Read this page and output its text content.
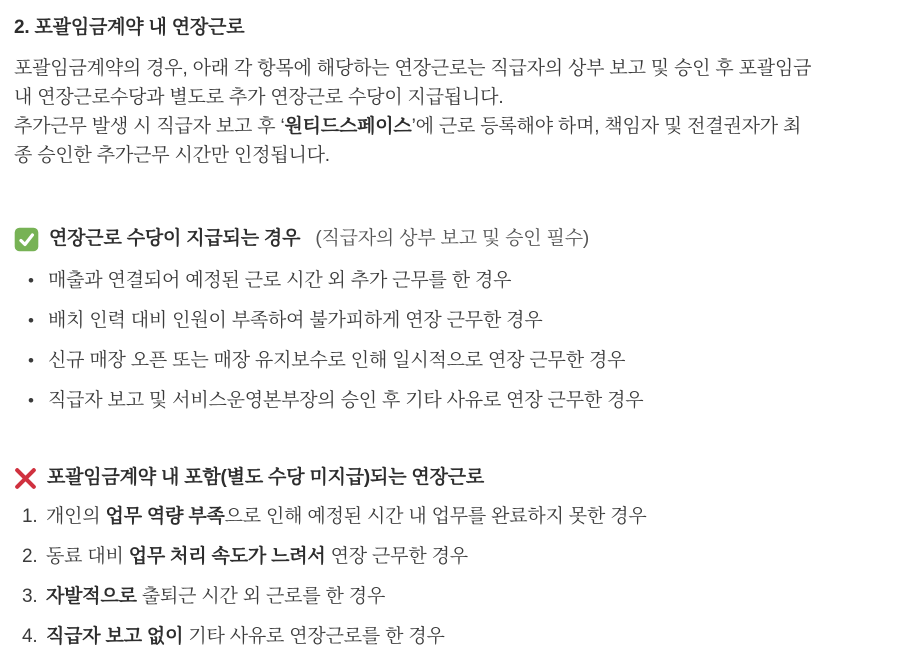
2. 포괄임금계약 내 연장근로

포괄임금계약의 경우, 아래 각 항목에 해당하는 연장근로는 직급자의 상부 보고 및 승인 후 포괄임금
내 연장근로수당과 별도로 추가 연장근로 수당이 지급됩니다.
추가근무 발생 시 직급자 보고 후 ‘원티드스페이스’에 근로 등록해야 하며, 책임자 및 전결권자가 최
종 승인한 추가근무 시간만 인정됩니다.

연장근로 수당이 지급되는 경우 (직급자의 상부 보고 및 승인 필수)
• 매출과 연결되어 예정된 근로 시간 외 추가 근무를 한 경우
• 배치 인력 대비 인원이 부족하여 불가피하게 연장 근무한 경우
• 신규 매장 오픈 또는 매장 유지보수로 인해 일시적으로 연장 근무한 경우
• 직급자 보고 및 서비스운영본부장의 승인 후 기타 사유로 연장 근무한 경우
포괄임금계약 내 포함(별도 수당 미지급)되는 연장근로
1. 개인의 업무 역량 부족으로 인해 예정된 시간 내 업무를 완료하지 못한 경우
2. 동료 대비 업무 처리 속도가 느려서 연장 근무한 경우
3. 자발적으로 출퇴근 시간 외 근로를 한 경우
4. 직급자 보고 없이 기타 사유로 연장근로를 한 경우
